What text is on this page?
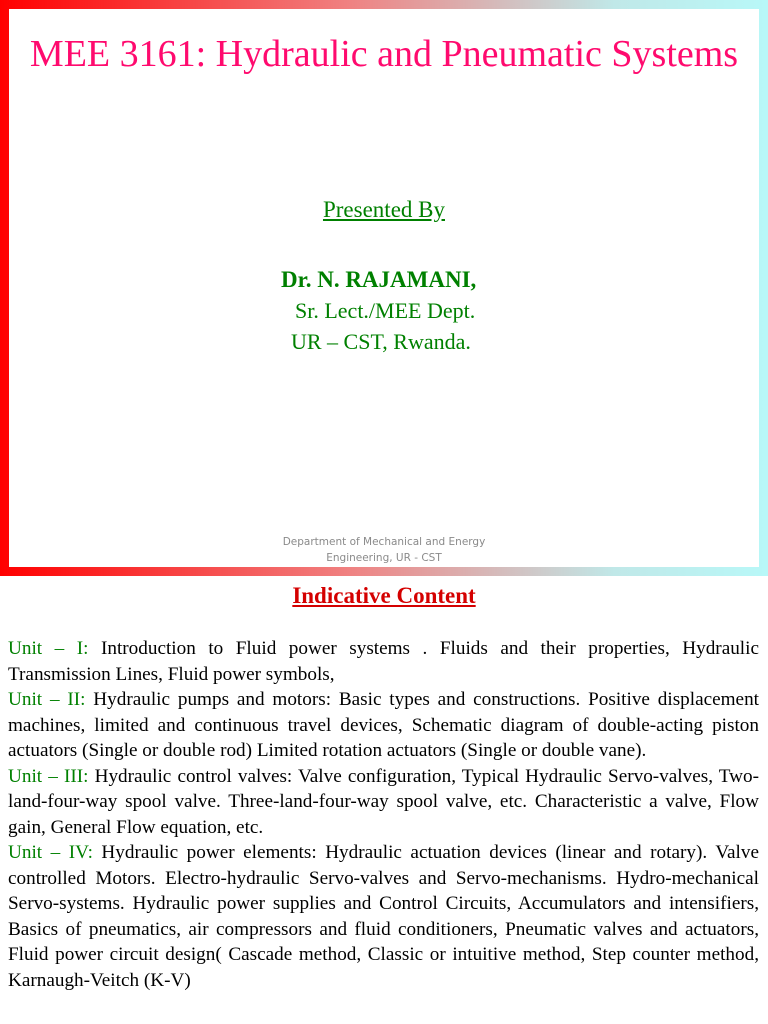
MEE 3161: Hydraulic and Pneumatic Systems
Presented By
Dr. N. RAJAMANI,
Sr. Lect./MEE Dept.
UR – CST, Rwanda.
Department of Mechanical and Energy
Engineering, UR - CST
Indicative Content

Unit – I: Introduction to Fluid power systems . Fluids and their properties, Hydraulic Transmission Lines, Fluid power symbols,

Unit – II: Hydraulic pumps and motors: Basic types and constructions. Positive displacement machines, limited and continuous travel devices, Schematic diagram of double-acting piston actuators (Single or double rod) Limited rotation actuators (Single or double vane).

Unit – III: Hydraulic control valves: Valve configuration, Typical Hydraulic Servo-valves, Two-land-four-way spool valve. Three-land-four-way spool valve, etc. Characteristic a valve, Flow gain, General Flow equation, etc.

Unit – IV: Hydraulic power elements: Hydraulic actuation devices (linear and rotary). Valve controlled Motors. Electro-hydraulic Servo-valves and Servo-mechanisms. Hydro-mechanical Servo-systems. Hydraulic power supplies and Control Circuits, Accumulators and intensifiers, Basics of pneumatics, air compressors and fluid conditioners, Pneumatic valves and actuators, Fluid power circuit design( Cascade method, Classic or intuitive method, Step counter method, Karnaugh-Veitch (K-V)
